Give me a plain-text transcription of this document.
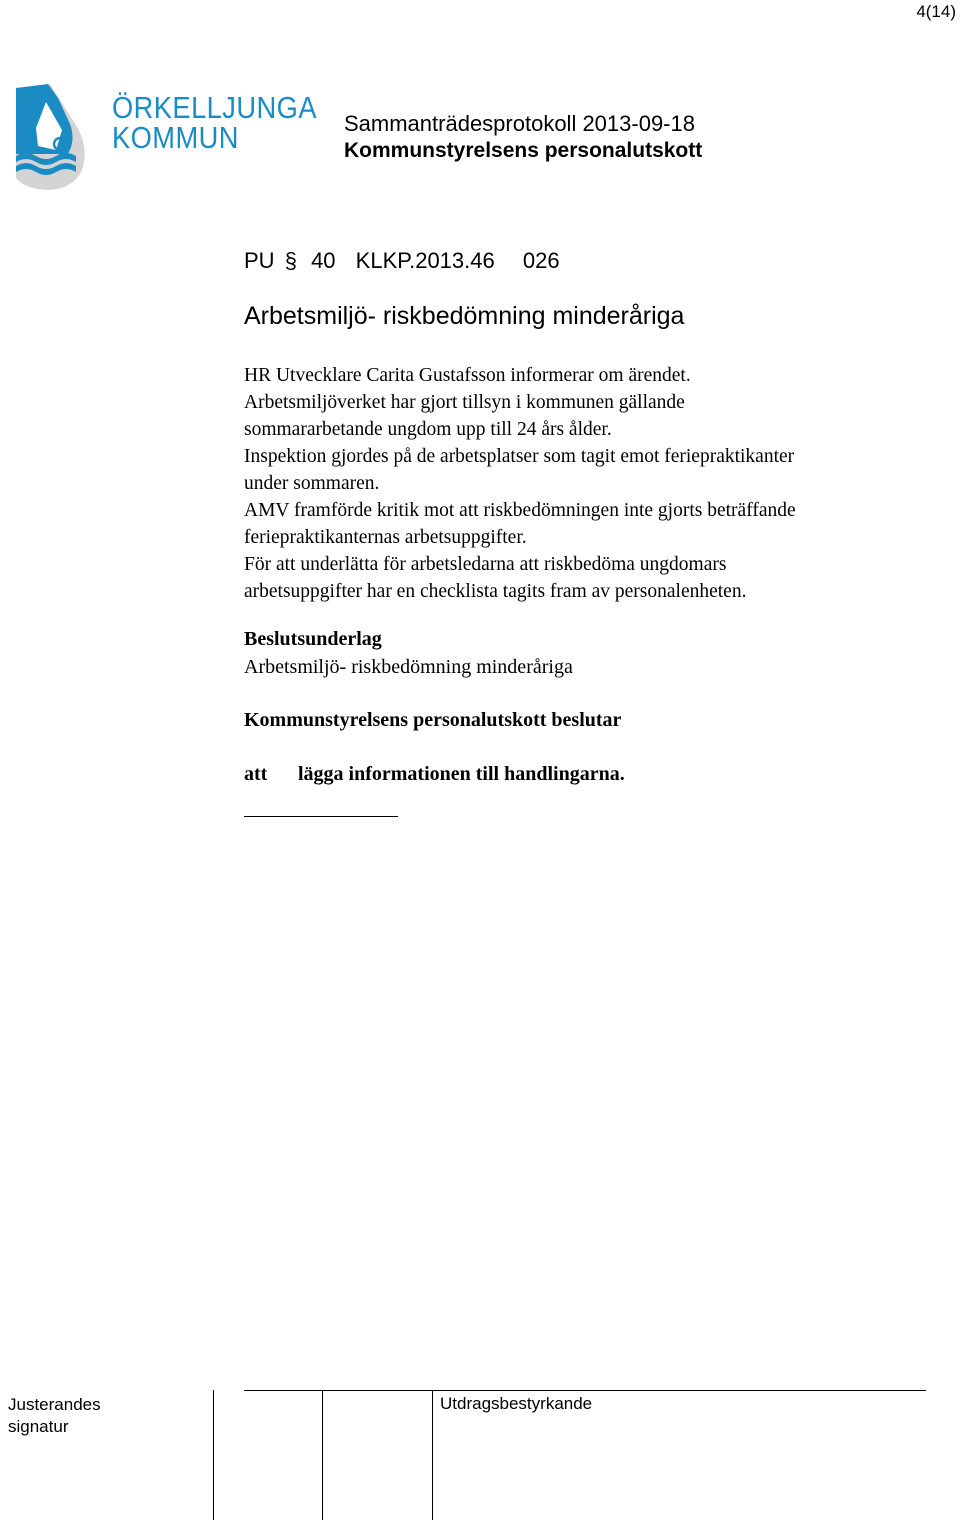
4(14)
ÖRKELLJUNGA
KOMMUN	Sammanträdesprotokoll 2013-09-18
Kommunstyrelsens personalutskott
PU § 40 KLKP.2013.46 026
Arbetsmiljö- riskbedömning minderåriga
HR Utvecklare Carita Gustafsson informerar om ärendet.
Arbetsmiljöverket har gjort tillsyn i kommunen gällande
sommararbetande ungdom upp till 24 års ålder.
Inspektion gjordes på de arbetsplatser som tagit emot feriepraktikanter
under sommaren.
AMV framförde kritik mot att riskbedömningen inte gjorts beträffande
feriepraktikanternas arbetsuppgifter.
För att underlätta för arbetsledarna att riskbedöma ungdomars
arbetsuppgifter har en checklista tagits fram av personalenheten.
Beslutsunderlag
Arbetsmiljö- riskbedömning minderåriga
Kommunstyrelsens personalutskott beslutar
att lägga informationen till handlingarna.
Justerandes
signatur
Utdragsbestyrkande
